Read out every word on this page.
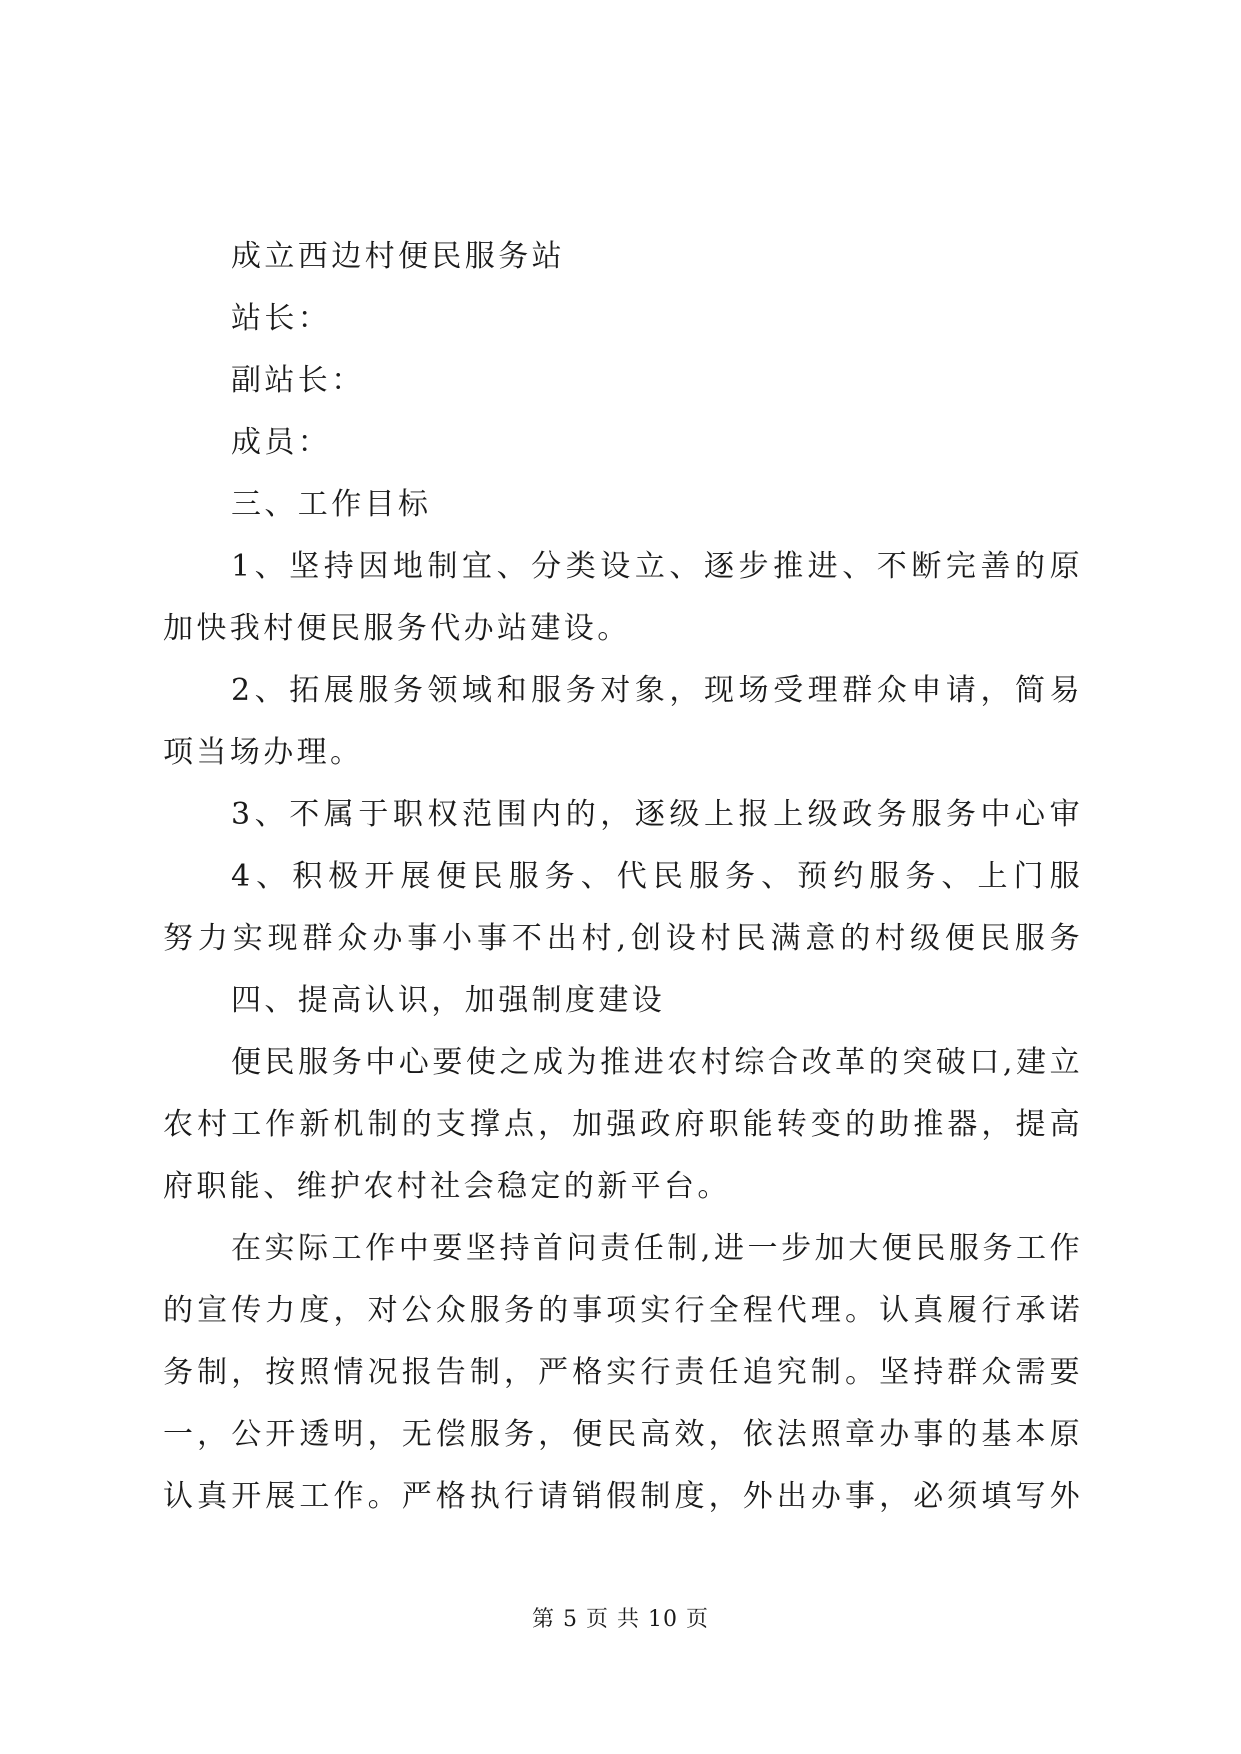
成立西边村便民服务站
站长：
副站长：
成员：
三、工作目标
1、坚持因地制宜、分类设立、逐步推进、不断完善的原
加快我村便民服务代办站建设。
2、拓展服务领域和服务对象，现场受理群众申请，简易
项当场办理。
3、不属于职权范围内的，逐级上报上级政务服务中心审
4、积极开展便民服务、代民服务、预约服务、上门服
努力实现群众办事小事不出村,创设村民满意的村级便民服务
四、提高认识，加强制度建设
便民服务中心要使之成为推进农村综合改革的突破口,建立
农村工作新机制的支撑点，加强政府职能转变的助推器，提高
府职能、维护农村社会稳定的新平台。
在实际工作中要坚持首问责任制,进一步加大便民服务工作
的宣传力度，对公众服务的事项实行全程代理。认真履行承诺
务制，按照情况报告制，严格实行责任追究制。坚持群众需要
一，公开透明，无偿服务，便民高效，依法照章办事的基本原
认真开展工作。严格执行请销假制度，外出办事，必须填写外
第 5 页 共 10 页
